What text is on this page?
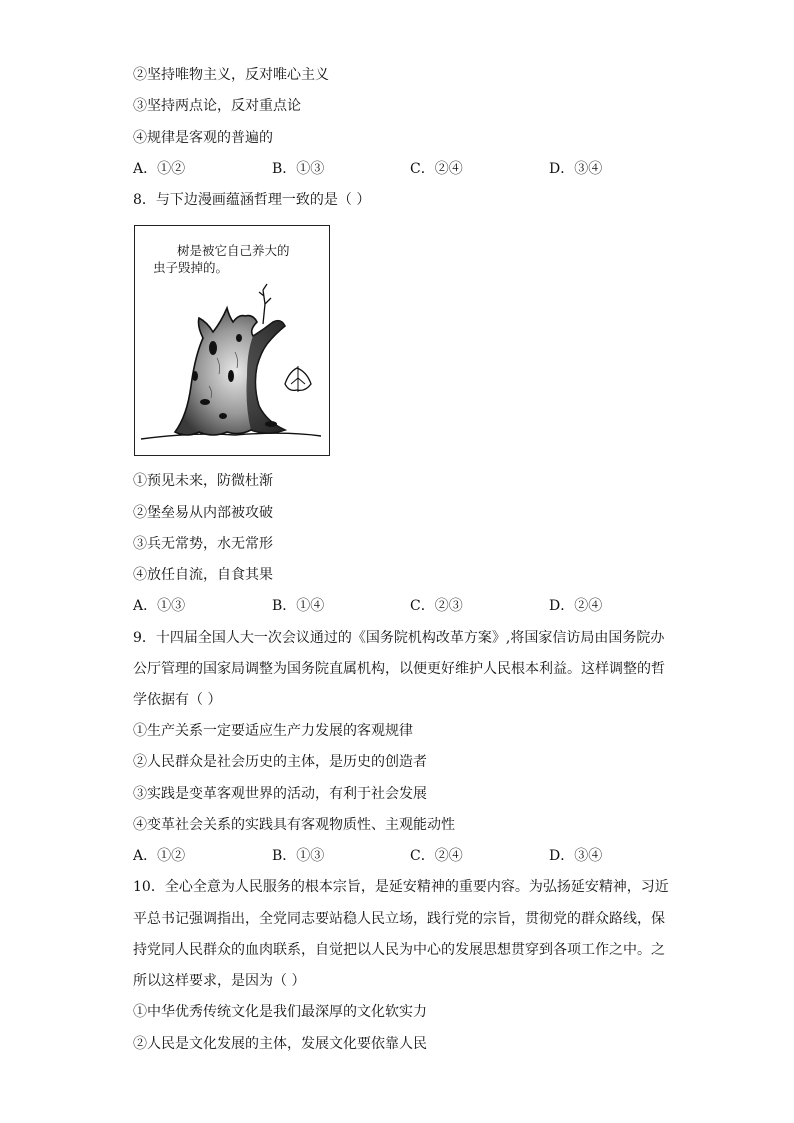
②坚持唯物主义，反对唯心主义
③坚持两点论，反对重点论
④规律是客观的普遍的
A．①②	B．①③	C．②④	D．③④
8．与下边漫画蕴涵哲理一致的是（ ）
树是被它自己养大的
虫子毁掉的。
①预见未来，防微杜渐
②堡垒易从内部被攻破
③兵无常势，水无常形
④放任自流，自食其果
A．①③	B．①④	C．②③	D．②④
9．十四届全国人大一次会议通过的《国务院机构改革方案》,将国家信访局由国务院办
公厅管理的国家局调整为国务院直属机构，以便更好维护人民根本利益。这样调整的哲
学依据有（ ）
①生产关系一定要适应生产力发展的客观规律
②人民群众是社会历史的主体，是历史的创造者
③实践是变革客观世界的活动，有利于社会发展
④变革社会关系的实践具有客观物质性、主观能动性
A．①②	B．①③	C．②④	D．③④
10．全心全意为人民服务的根本宗旨，是延安精神的重要内容。为弘扬延安精神，习近
平总书记强调指出，全党同志要站稳人民立场，践行党的宗旨，贯彻党的群众路线，保
持党同人民群众的血肉联系，自觉把以人民为中心的发展思想贯穿到各项工作之中。之
所以这样要求，是因为（ ）
①中华优秀传统文化是我们最深厚的文化软实力
②人民是文化发展的主体，发展文化要依靠人民
